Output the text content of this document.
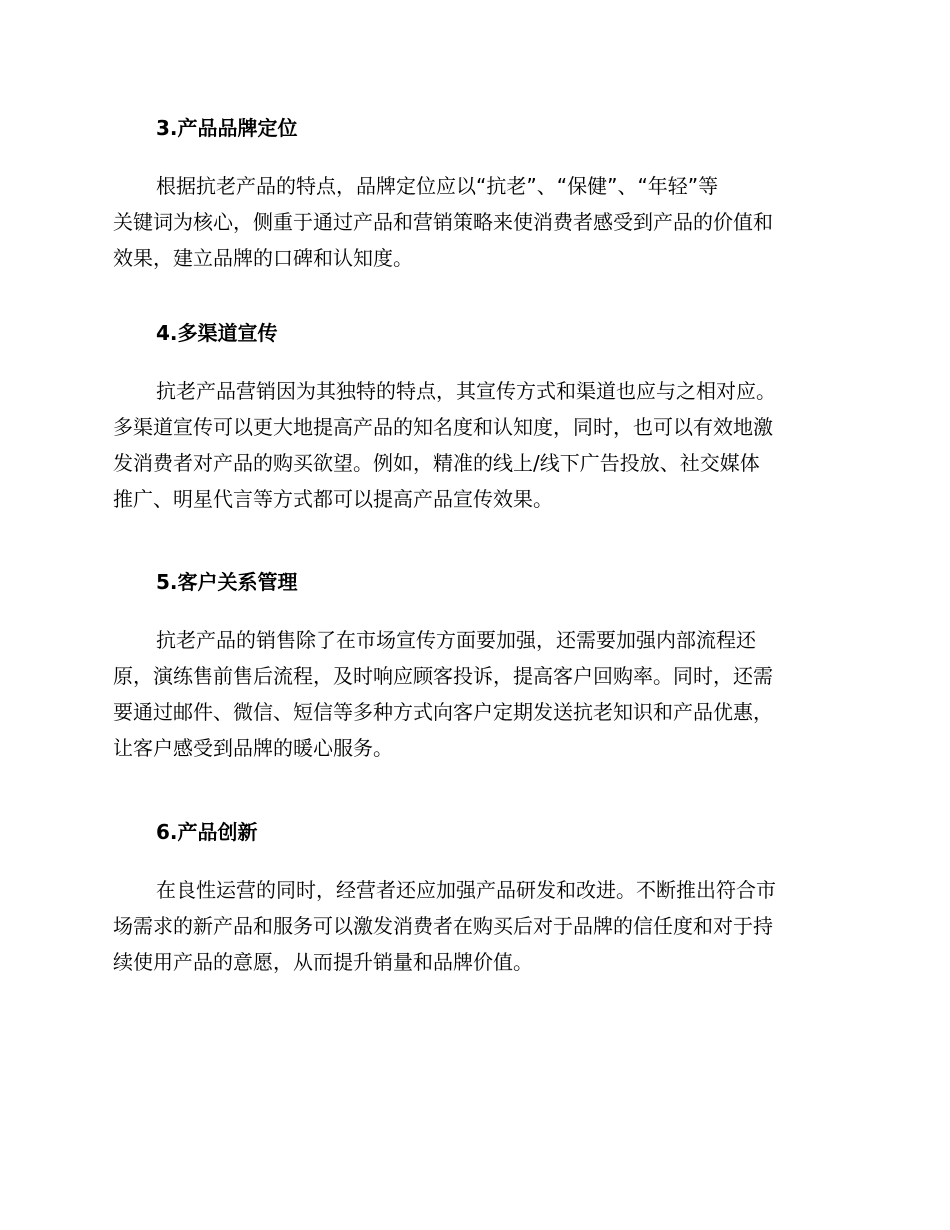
3.产品品牌定位
根据抗老产品的特点，品牌定位应以“抗老”、“保健”、“年轻”等
关键词为核心，侧重于通过产品和营销策略来使消费者感受到产品的价值和
效果，建立品牌的口碑和认知度。
4.多渠道宣传
抗老产品营销因为其独特的特点，其宣传方式和渠道也应与之相对应。
多渠道宣传可以更大地提高产品的知名度和认知度，同时，也可以有效地激
发消费者对产品的购买欲望。例如，精准的线上/线下广告投放、社交媒体
推广、明星代言等方式都可以提高产品宣传效果。
5.客户关系管理
抗老产品的销售除了在市场宣传方面要加强，还需要加强内部流程还
原，演练售前售后流程，及时响应顾客投诉，提高客户回购率。同时，还需
要通过邮件、微信、短信等多种方式向客户定期发送抗老知识和产品优惠，
让客户感受到品牌的暖心服务。
6.产品创新
在良性运营的同时，经营者还应加强产品研发和改进。不断推出符合市
场需求的新产品和服务可以激发消费者在购买后对于品牌的信任度和对于持
续使用产品的意愿，从而提升销量和品牌价值。
